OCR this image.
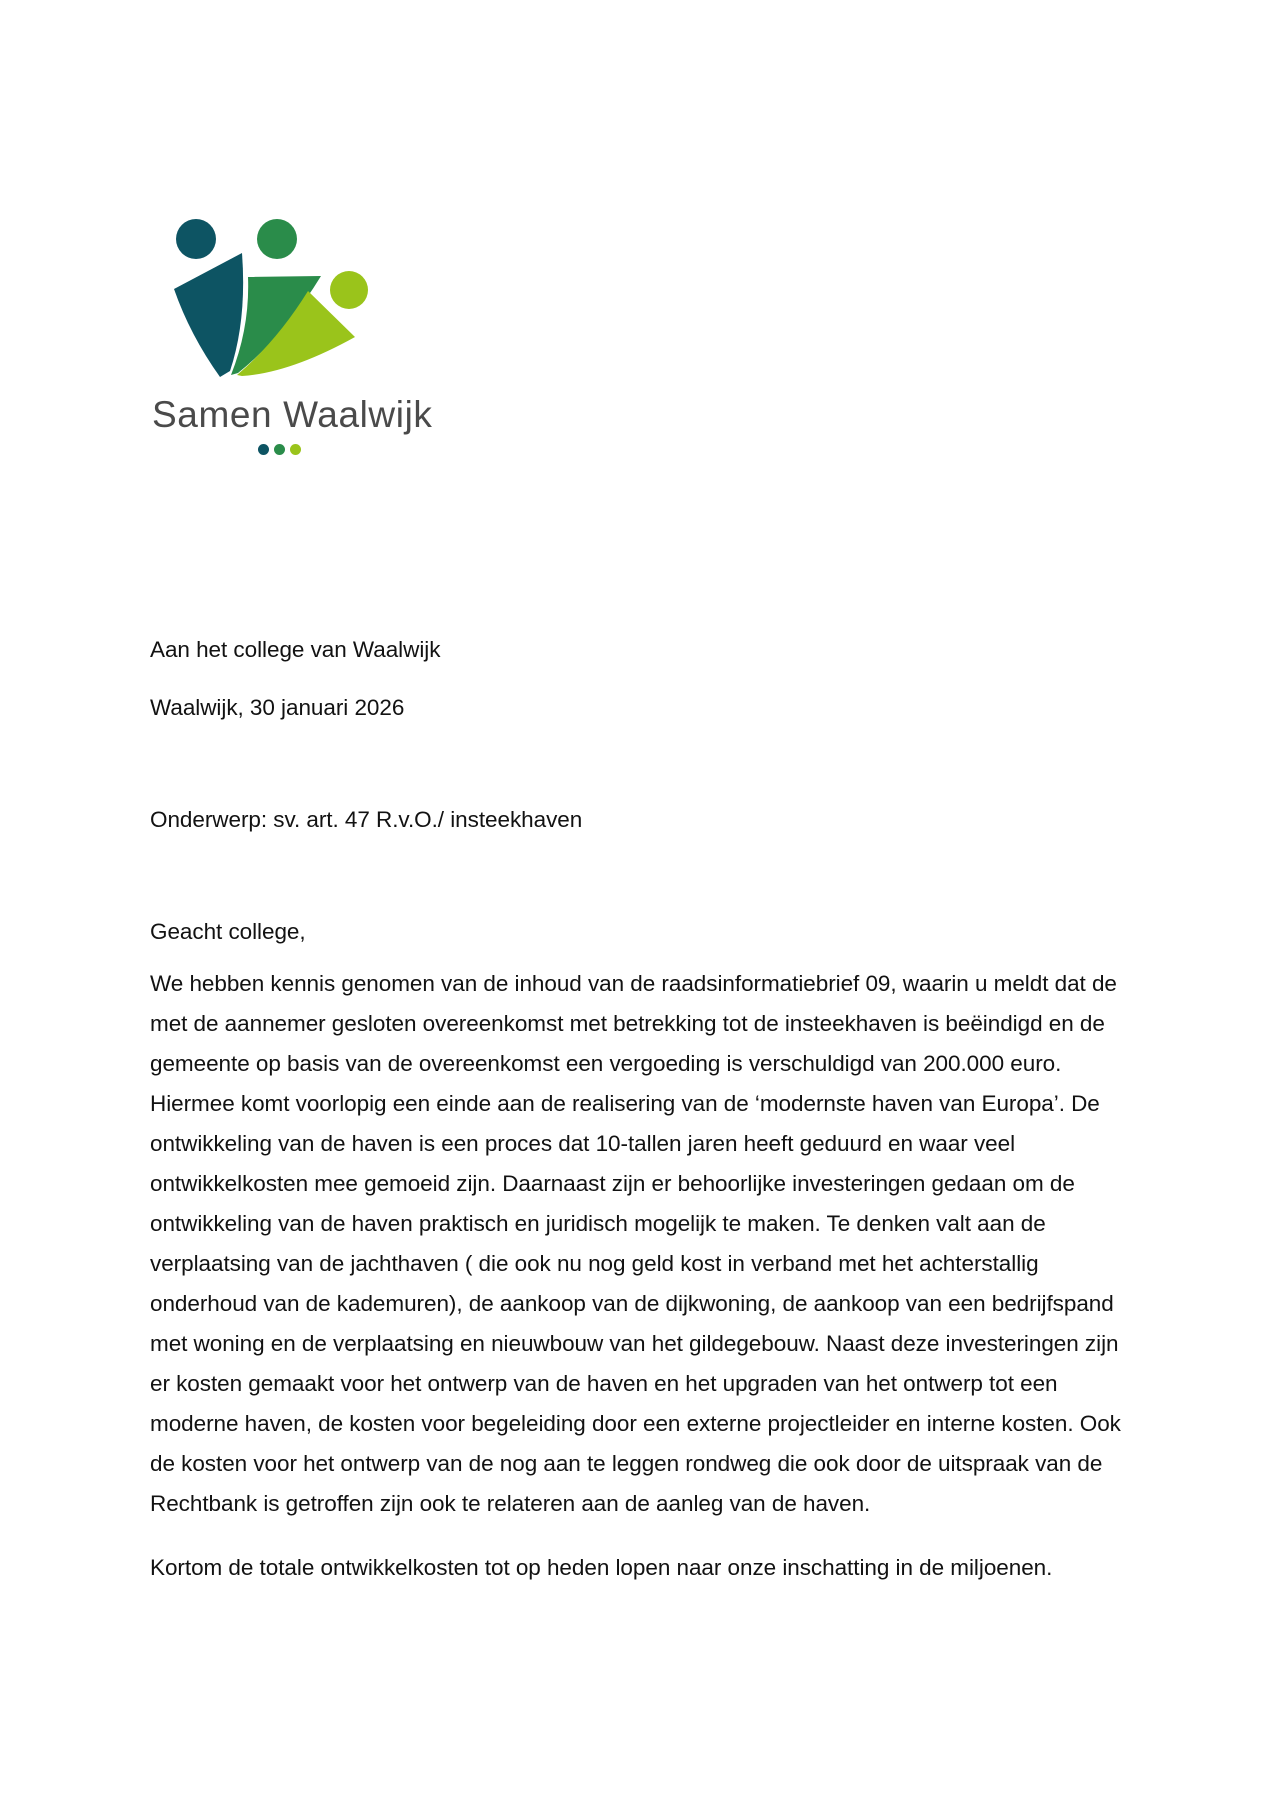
Samen Waalwijk

Aan het college van Waalwijk

Waalwijk, 30 januari 2026

Onderwerp: sv. art. 47 R.v.O./ insteekhaven

Geacht college,

We hebben kennis genomen van de inhoud van de raadsinformatiebrief 09, waarin u meldt dat de met de aannemer gesloten overeenkomst met betrekking tot de insteekhaven is beëindigd en de gemeente op basis van de overeenkomst een vergoeding is verschuldigd van 200.000 euro. Hiermee komt voorlopig een einde aan de realisering van de ‘modernste haven van Europa’. De ontwikkeling van de haven is een proces dat 10-tallen jaren heeft geduurd en waar veel ontwikkelkosten mee gemoeid zijn. Daarnaast zijn er behoorlijke investeringen gedaan om de ontwikkeling van de haven praktisch en juridisch mogelijk te maken. Te denken valt aan de verplaatsing van de jachthaven ( die ook nu nog geld kost in verband met het achterstallig onderhoud van de kademuren), de aankoop van de dijkwoning, de aankoop van een bedrijfspand met woning en de verplaatsing en nieuwbouw van het gildegebouw. Naast deze investeringen zijn er kosten gemaakt voor het ontwerp van de haven en het upgraden van het ontwerp tot een moderne haven, de kosten voor begeleiding door een externe projectleider en interne kosten. Ook de kosten voor het ontwerp van de nog aan te leggen rondweg die ook door de uitspraak van de Rechtbank is getroffen zijn ook te relateren aan de aanleg van de haven.

Kortom de totale ontwikkelkosten tot op heden lopen naar onze inschatting in de miljoenen.
